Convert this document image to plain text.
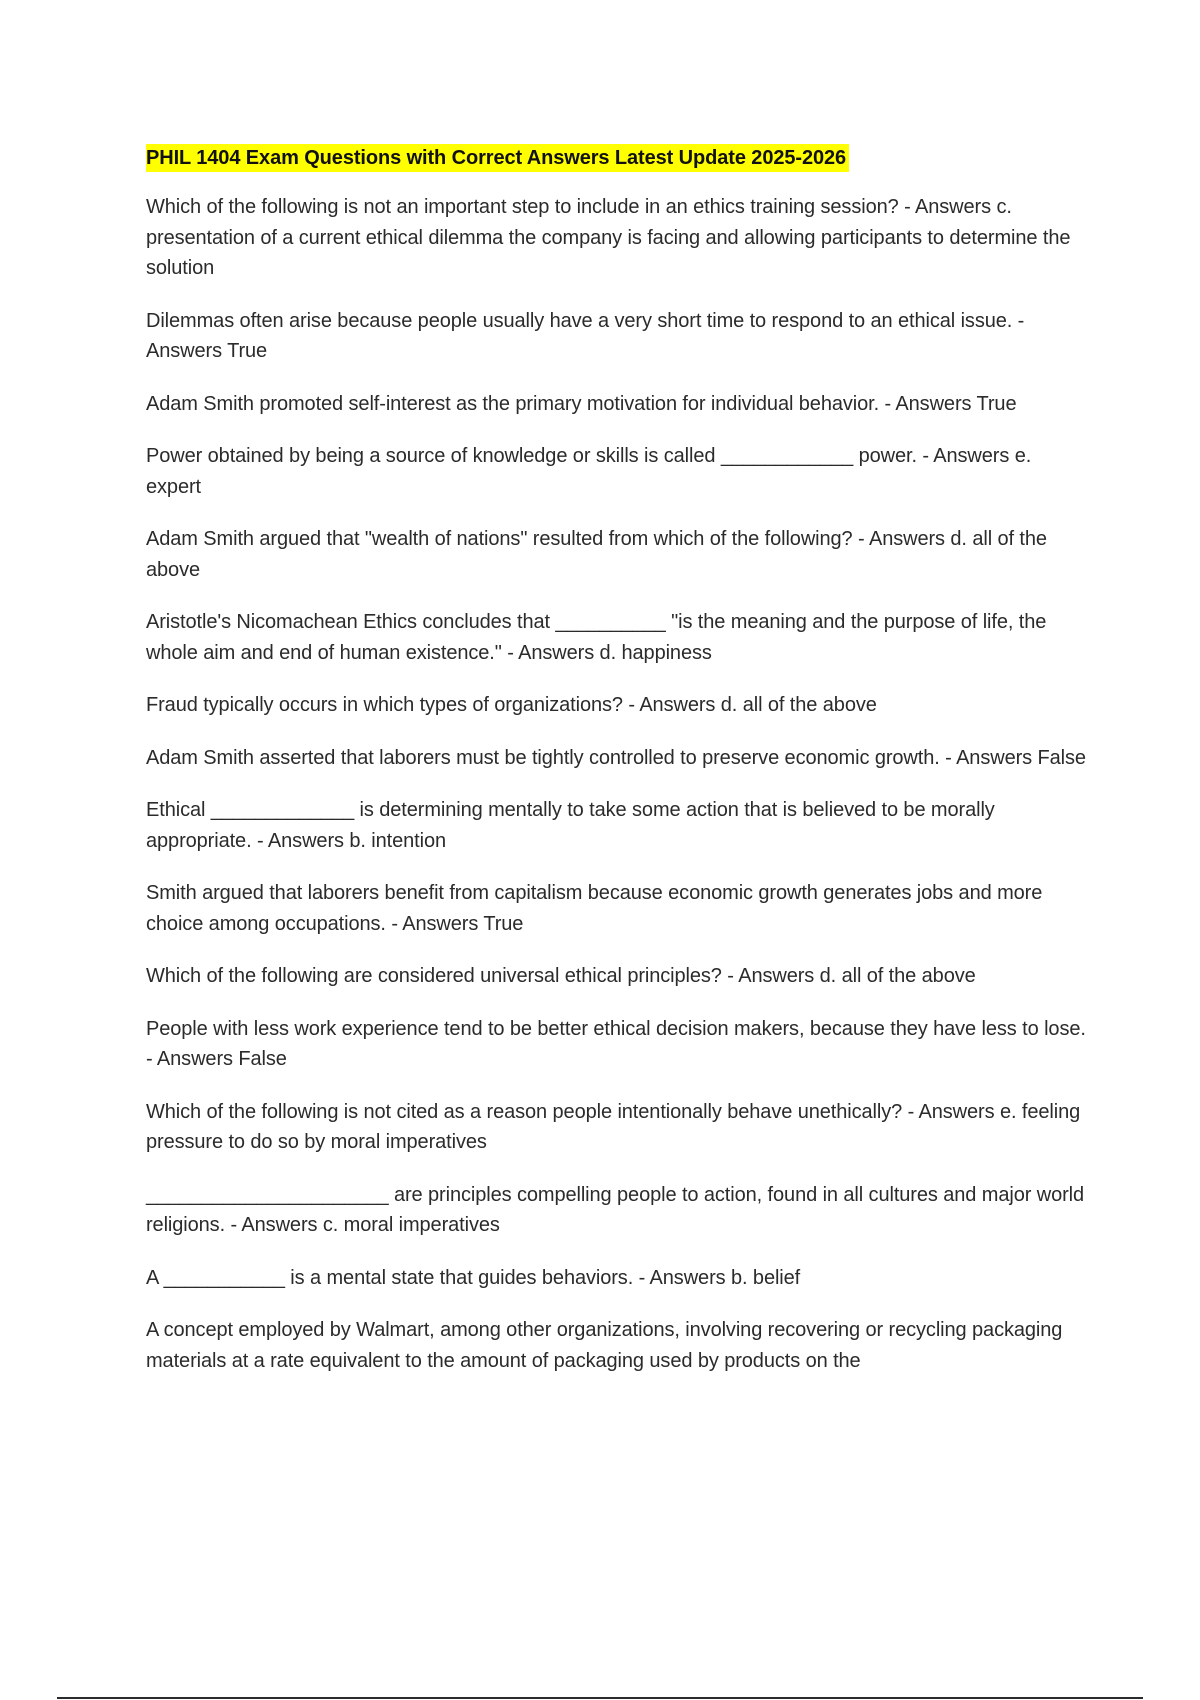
PHIL 1404 Exam Questions with Correct Answers Latest Update 2025-2026

Which of the following is not an important step to include in an ethics training session? - Answers c. presentation of a current ethical dilemma the company is facing and allowing participants to determine the solution

Dilemmas often arise because people usually have a very short time to respond to an ethical issue. - Answers True

Adam Smith promoted self-interest as the primary motivation for individual behavior. - Answers True

Power obtained by being a source of knowledge or skills is called ____________ power. - Answers e. expert

Adam Smith argued that "wealth of nations" resulted from which of the following? - Answers d. all of the above

Aristotle's Nicomachean Ethics concludes that __________ "is the meaning and the purpose of life, the whole aim and end of human existence." - Answers d. happiness

Fraud typically occurs in which types of organizations? - Answers d. all of the above

Adam Smith asserted that laborers must be tightly controlled to preserve economic growth. - Answers False

Ethical _____________ is determining mentally to take some action that is believed to be morally appropriate. - Answers b. intention

Smith argued that laborers benefit from capitalism because economic growth generates jobs and more choice among occupations. - Answers True

Which of the following are considered universal ethical principles? - Answers d. all of the above

People with less work experience tend to be better ethical decision makers, because they have less to lose. - Answers False

Which of the following is not cited as a reason people intentionally behave unethically? - Answers e. feeling pressure to do so by moral imperatives

______________________ are principles compelling people to action, found in all cultures and major world religions. - Answers c. moral imperatives

A ___________ is a mental state that guides behaviors. - Answers b. belief

A concept employed by Walmart, among other organizations, involving recovering or recycling packaging materials at a rate equivalent to the amount of packaging used by products on the
